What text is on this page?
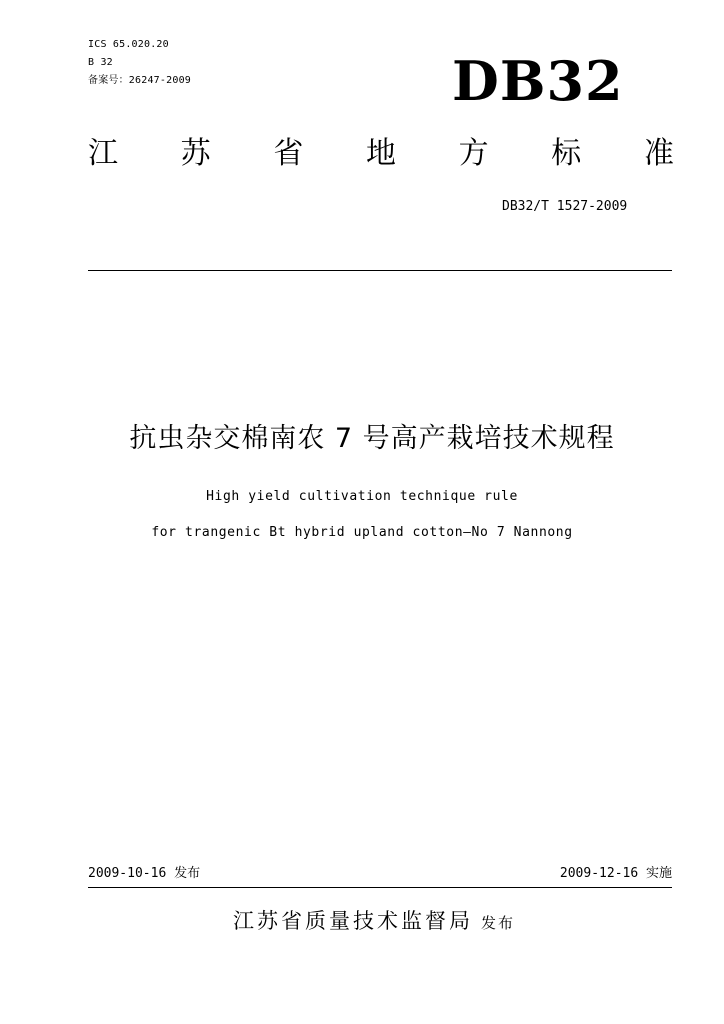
ICS 65.020.20
B 32
备案号：26247-2009	DB32
江 苏 省 地 方 标 准
DB32/T 1527-2009
抗虫杂交棉南农 7 号高产栽培技术规程
High yield cultivation technique rule
for trangenic Bt hybrid upland cotton—No 7 Nannong
2009-10-16 发布	2009-12-16 实施
江苏省质量技术监督局 发布
